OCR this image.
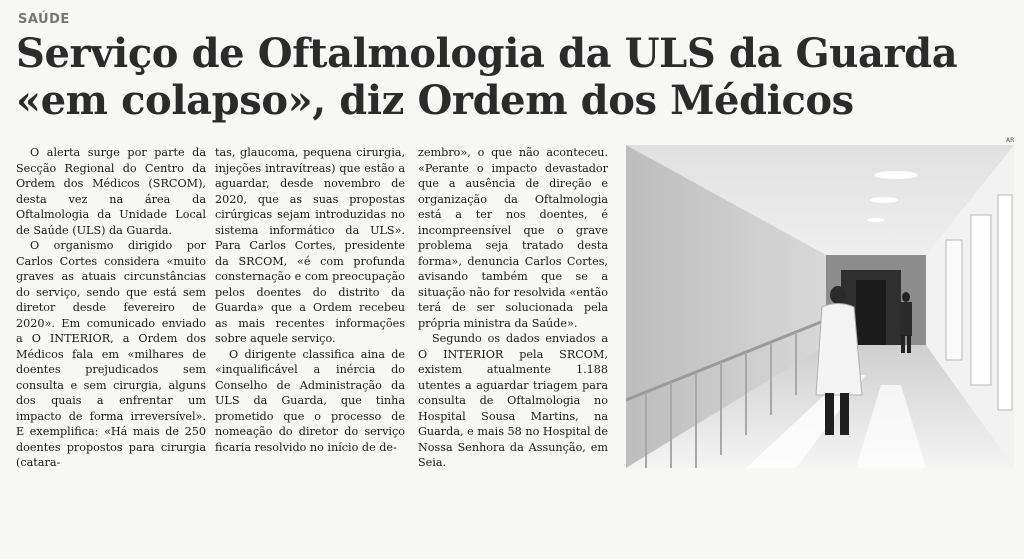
SAÚDE
Serviço de Oftalmologia da ULS da Guarda
«em colapso», diz Ordem dos Médicos

O alerta surge por parte da Secção Regional do Centro da Ordem dos Médicos (SRCOM), desta vez na área da Oftalmologia da Unidade Local de Saúde (ULS) da Guarda.

O organismo dirigido por Carlos Cortes considera «muito graves as atuais circunstâncias do serviço, sendo que está sem diretor desde fevereiro de 2020». Em comunicado enviado a O INTERIOR, a Ordem dos Médicos fala em «milhares de doentes prejudicados sem consulta e sem cirurgia, alguns dos quais a enfrentar um impacto de forma irreversível». E exemplifica: «Há mais de 250 doentes propostos para cirurgia (catara-

tas, glaucoma, pequena cirurgia, injeções intravítreas) que estão a aguardar, desde novembro de 2020, que as suas propostas cirúrgicas sejam introduzidas no sistema informático da ULS». Para Carlos Cortes, presidente da SRCOM, «é com profunda consternação e com preocupação pelos doentes do distrito da Guarda» que a Ordem recebeu as mais recentes informações sobre aquele serviço.

O dirigente classifica aina de «inqualificável a inércia do Conselho de Administração da ULS da Guarda, que tinha prometido que o processo de nomeação do diretor do serviço ficaria resolvido no início de de-

zembro», o que não aconteceu. «Perante o impacto devastador que a ausência de direção e organização da Oftalmologia está a ter nos doentes, é incompreensível que o grave problema seja tratado desta forma», denuncia Carlos Cortes, avisando também que se a situação não for resolvida «então terá de ser solucionada pela própria ministra da Saúde».

Segundo os dados enviados a O INTERIOR pela SRCOM, existem atualmente 1.188 utentes a aguardar triagem para consulta de Oftalmologia no Hospital Sousa Martins, na Guarda, e mais 58 no Hospital de Nossa Senhora da Assunção, em Seia.

AR
